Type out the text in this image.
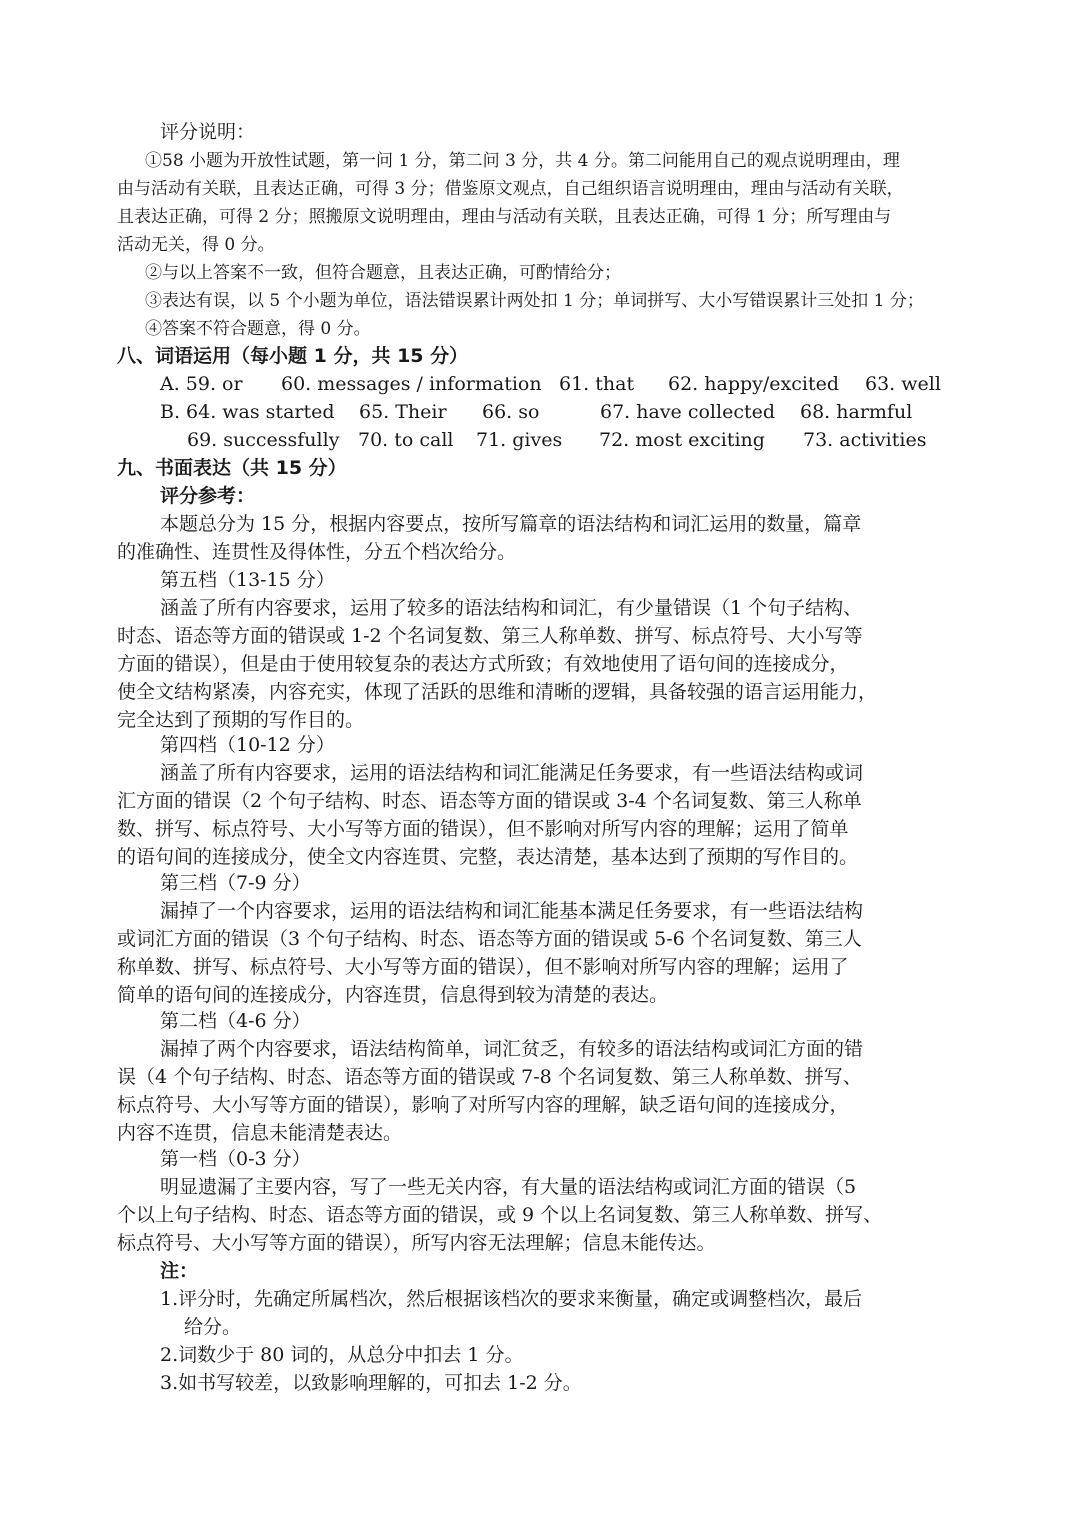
评分说明：
①58 小题为开放性试题，第一问 1 分，第二问 3 分，共 4 分。第二问能用自己的观点说明理由，理
由与活动有关联，且表达正确，可得 3 分；借鉴原文观点，自己组织语言说明理由，理由与活动有关联，
且表达正确，可得 2 分；照搬原文说明理由，理由与活动有关联，且表达正确，可得 1 分；所写理由与
活动无关，得 0 分。
②与以上答案不一致，但符合题意，且表达正确，可酌情给分；
③表达有误，以 5 个小题为单位，语法错误累计两处扣 1 分；单词拼写、大小写错误累计三处扣 1 分；
④答案不符合题意，得 0 分。
八、词语运用（每小题 1 分，共 15 分）
A. 59. or 60. messages / information 61. that 62. happy/excited 63. well
B. 64. was started 65. Their 66. so	67. have collected 68. harmful
69. successfully 70. to call 71. gives 72. most exciting 73. activities
九、书面表达（共 15 分）
评分参考：
本题总分为 15 分，根据内容要点，按所写篇章的语法结构和词汇运用的数量，篇章
的准确性、连贯性及得体性，分五个档次给分。
第五档（13-15 分）
涵盖了所有内容要求，运用了较多的语法结构和词汇，有少量错误（1 个句子结构、
时态、语态等方面的错误或 1-2 个名词复数、第三人称单数、拼写、标点符号、大小写等
方面的错误），但是由于使用较复杂的表达方式所致；有效地使用了语句间的连接成分，
使全文结构紧凑，内容充实，体现了活跃的思维和清晰的逻辑，具备较强的语言运用能力，
完全达到了预期的写作目的。
第四档（10-12 分）
涵盖了所有内容要求，运用的语法结构和词汇能满足任务要求，有一些语法结构或词
汇方面的错误（2 个句子结构、时态、语态等方面的错误或 3-4 个名词复数、第三人称单
数、拼写、标点符号、大小写等方面的错误），但不影响对所写内容的理解；运用了简单
的语句间的连接成分，使全文内容连贯、完整，表达清楚，基本达到了预期的写作目的。
第三档（7-9 分）
漏掉了一个内容要求，运用的语法结构和词汇能基本满足任务要求，有一些语法结构
或词汇方面的错误（3 个句子结构、时态、语态等方面的错误或 5-6 个名词复数、第三人
称单数、拼写、标点符号、大小写等方面的错误），但不影响对所写内容的理解；运用了
简单的语句间的连接成分，内容连贯，信息得到较为清楚的表达。
第二档（4-6 分）
漏掉了两个内容要求，语法结构简单，词汇贫乏，有较多的语法结构或词汇方面的错
误（4 个句子结构、时态、语态等方面的错误或 7-8 个名词复数、第三人称单数、拼写、
标点符号、大小写等方面的错误），影响了对所写内容的理解，缺乏语句间的连接成分，
内容不连贯，信息未能清楚表达。
第一档（0-3 分）
明显遗漏了主要内容，写了一些无关内容，有大量的语法结构或词汇方面的错误（5
个以上句子结构、时态、语态等方面的错误，或 9 个以上名词复数、第三人称单数、拼写、
标点符号、大小写等方面的错误），所写内容无法理解；信息未能传达。
注：
1.评分时，先确定所属档次，然后根据该档次的要求来衡量，确定或调整档次，最后
给分。
2.词数少于 80 词的，从总分中扣去 1 分。
3.如书写较差，以致影响理解的，可扣去 1-2 分。
